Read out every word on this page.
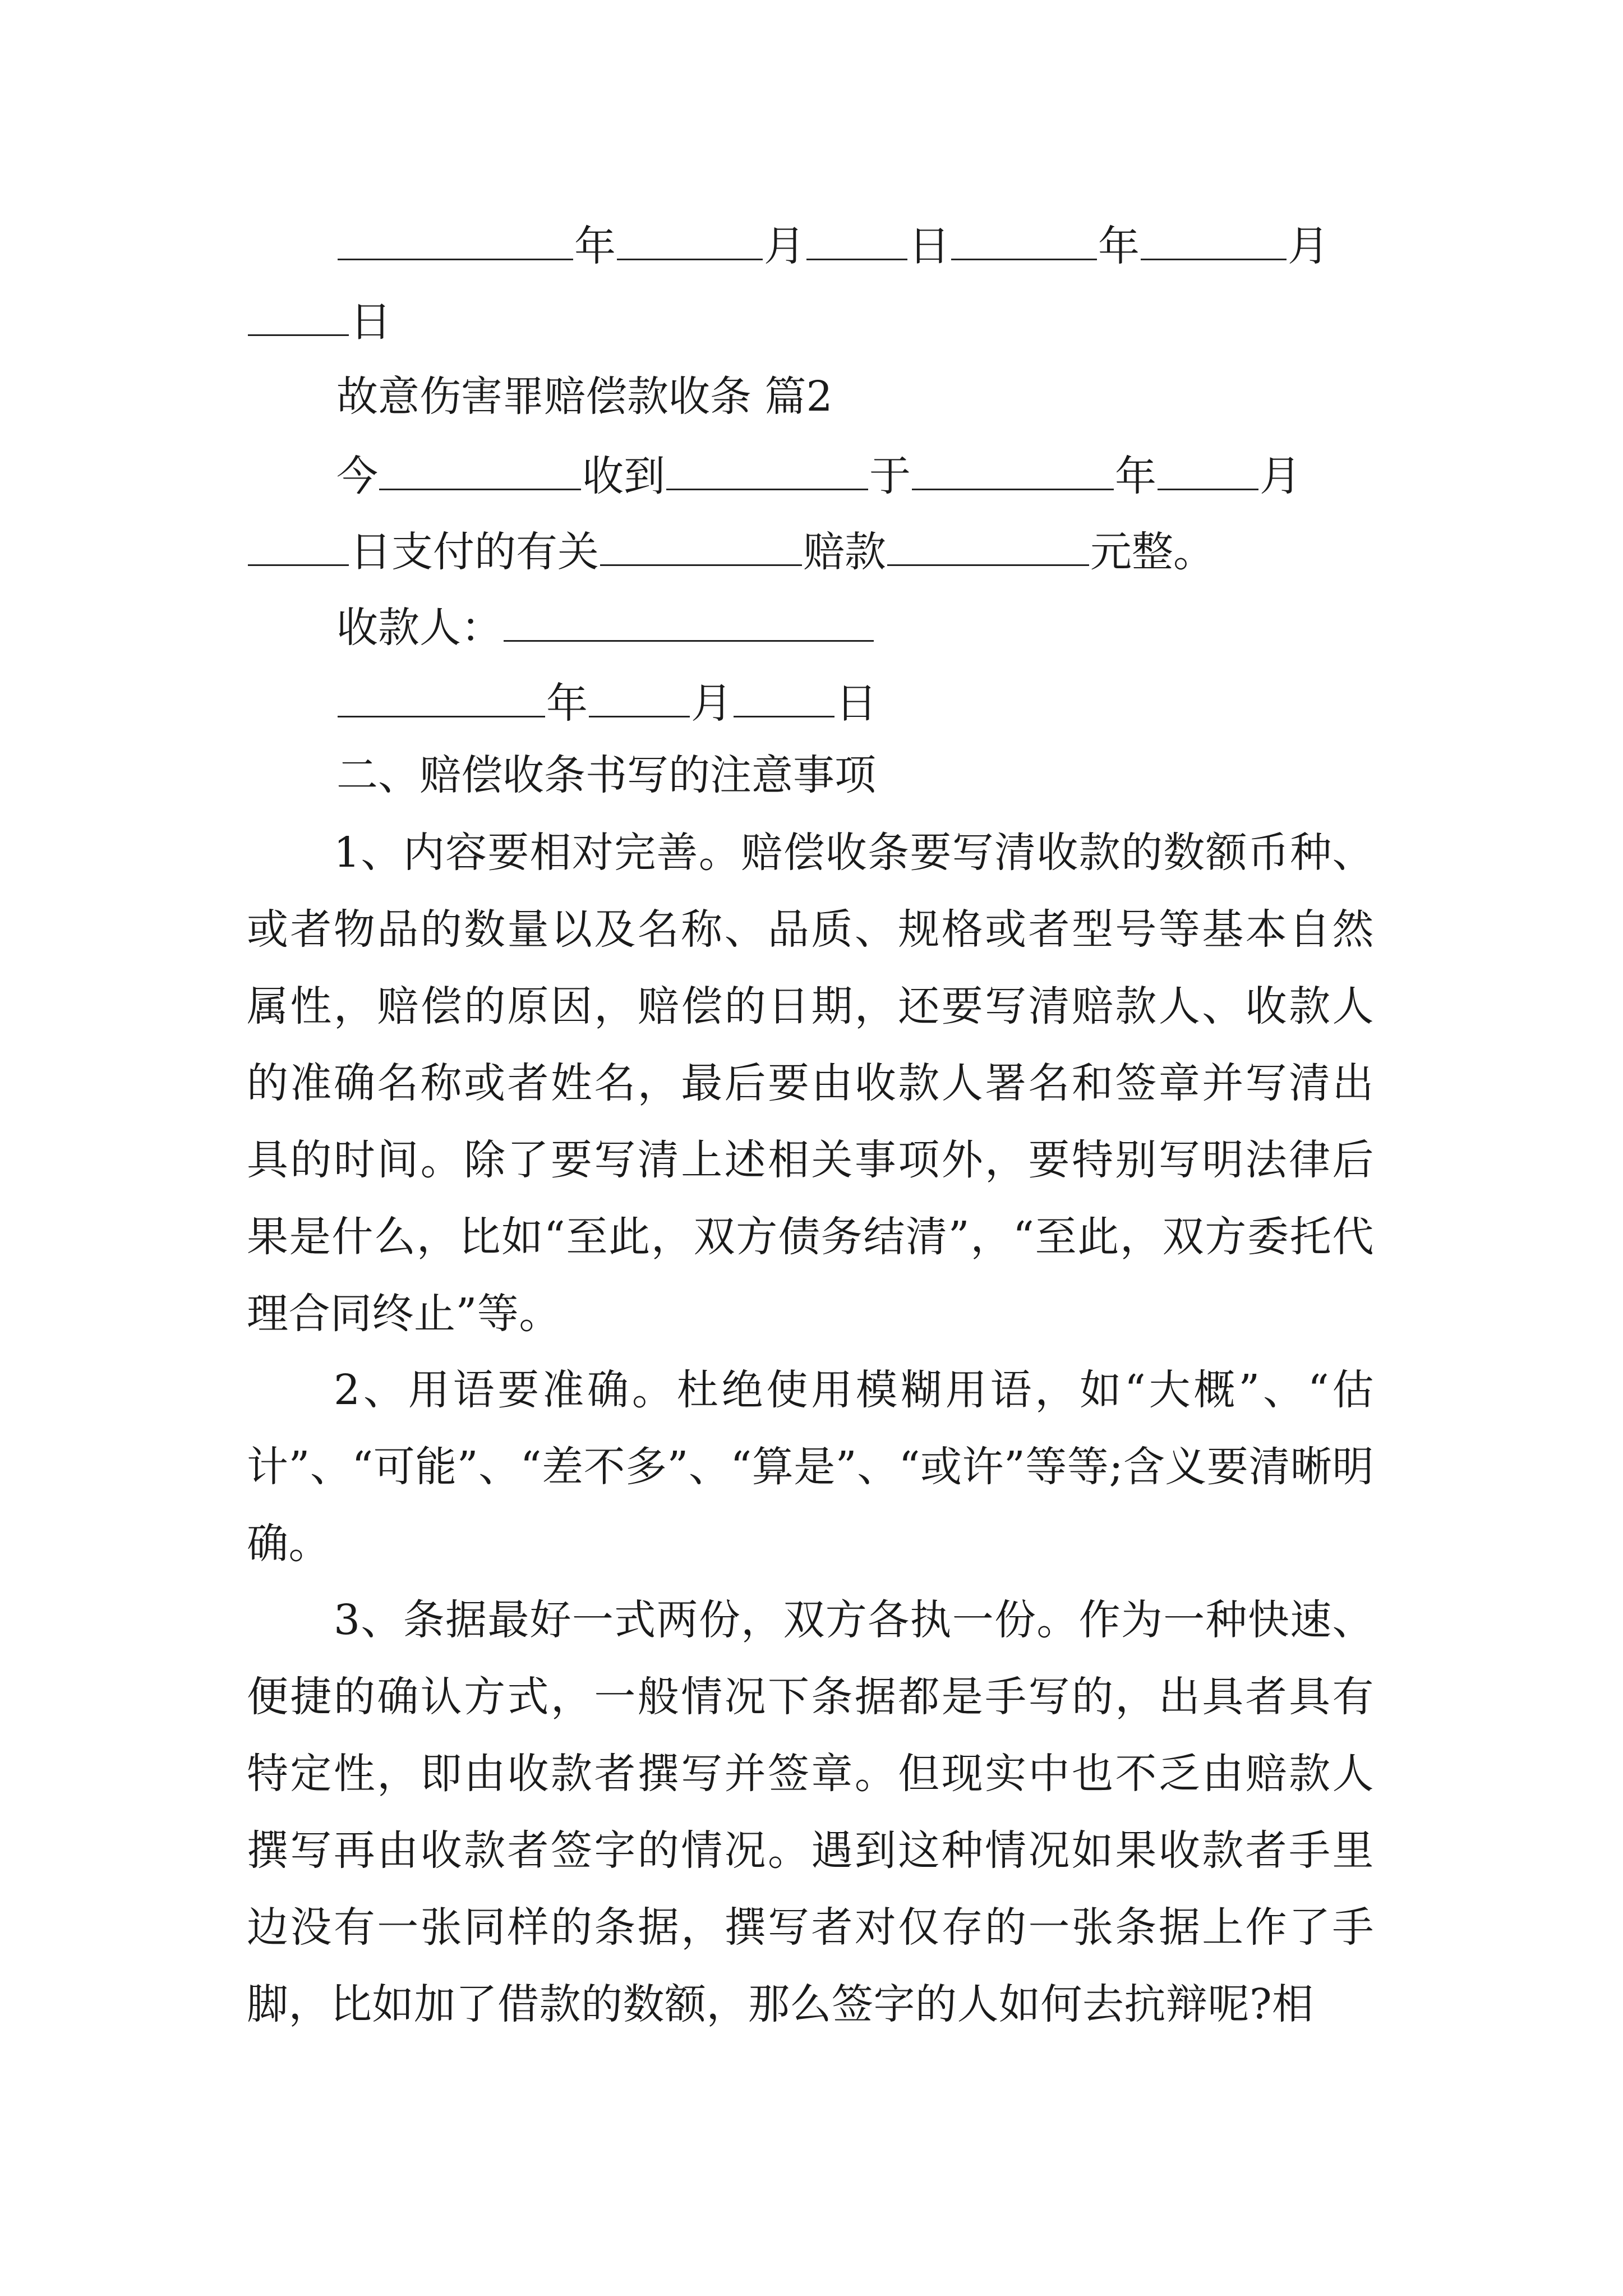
年	月 日	年	月
日
故意伤害罪赔偿款收条 篇2
今	收到	于	年 月
日支付的有关	赔款	元整。
收款人：
年 月 日
二、赔偿收条书写的注意事项
1、内容要相对完善。赔偿收条要写清收款的数额币种、或者物品的数量以及名称、品质、规格或者型号等基本自然属性，赔偿的原因，赔偿的日期，还要写清赔款人、收款人的准确名称或者姓名，最后要由收款人署名和签章并写清出具的时间。除了要写清上述相关事项外，要特别写明法律后果是什么，比如“至此，双方债务结清”，“至此，双方委托代理合同终止”等。
2、用语要准确。杜绝使用模糊用语，如“大概”、“估计”、“可能”、“差不多”、“算是”、“或许”等等;含义要清晰明确。
3、条据最好一式两份，双方各执一份。作为一种快速、便捷的确认方式，一般情况下条据都是手写的，出具者具有特定性，即由收款者撰写并签章。但现实中也不乏由赔款人撰写再由收款者签字的情况。遇到这种情况如果收款者手里边没有一张同样的条据，撰写者对仅存的一张条据上作了手脚，比如加了借款的数额，那么签字的人如何去抗辩呢?相
